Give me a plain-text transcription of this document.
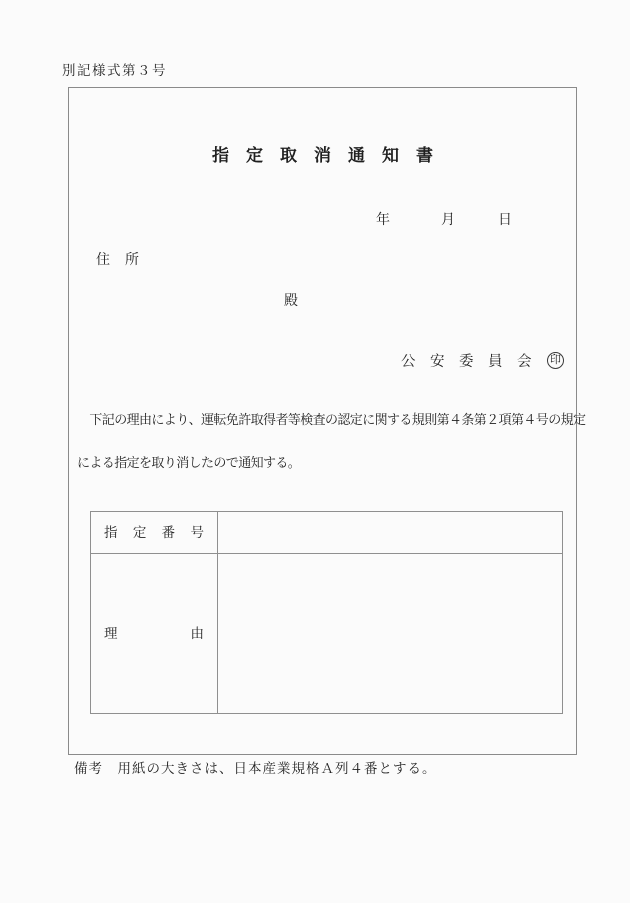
別記様式第３号
指定取消通知書
年	月	日
住所
殿
公安委員会 印
　下記の理由により、運転免許取得者等検査の認定に関する規則第４条第２項第４号の規定
による指定を取り消したので通知する。
指定番号
理由
備考　用紙の大きさは、日本産業規格Ａ列４番とする。
